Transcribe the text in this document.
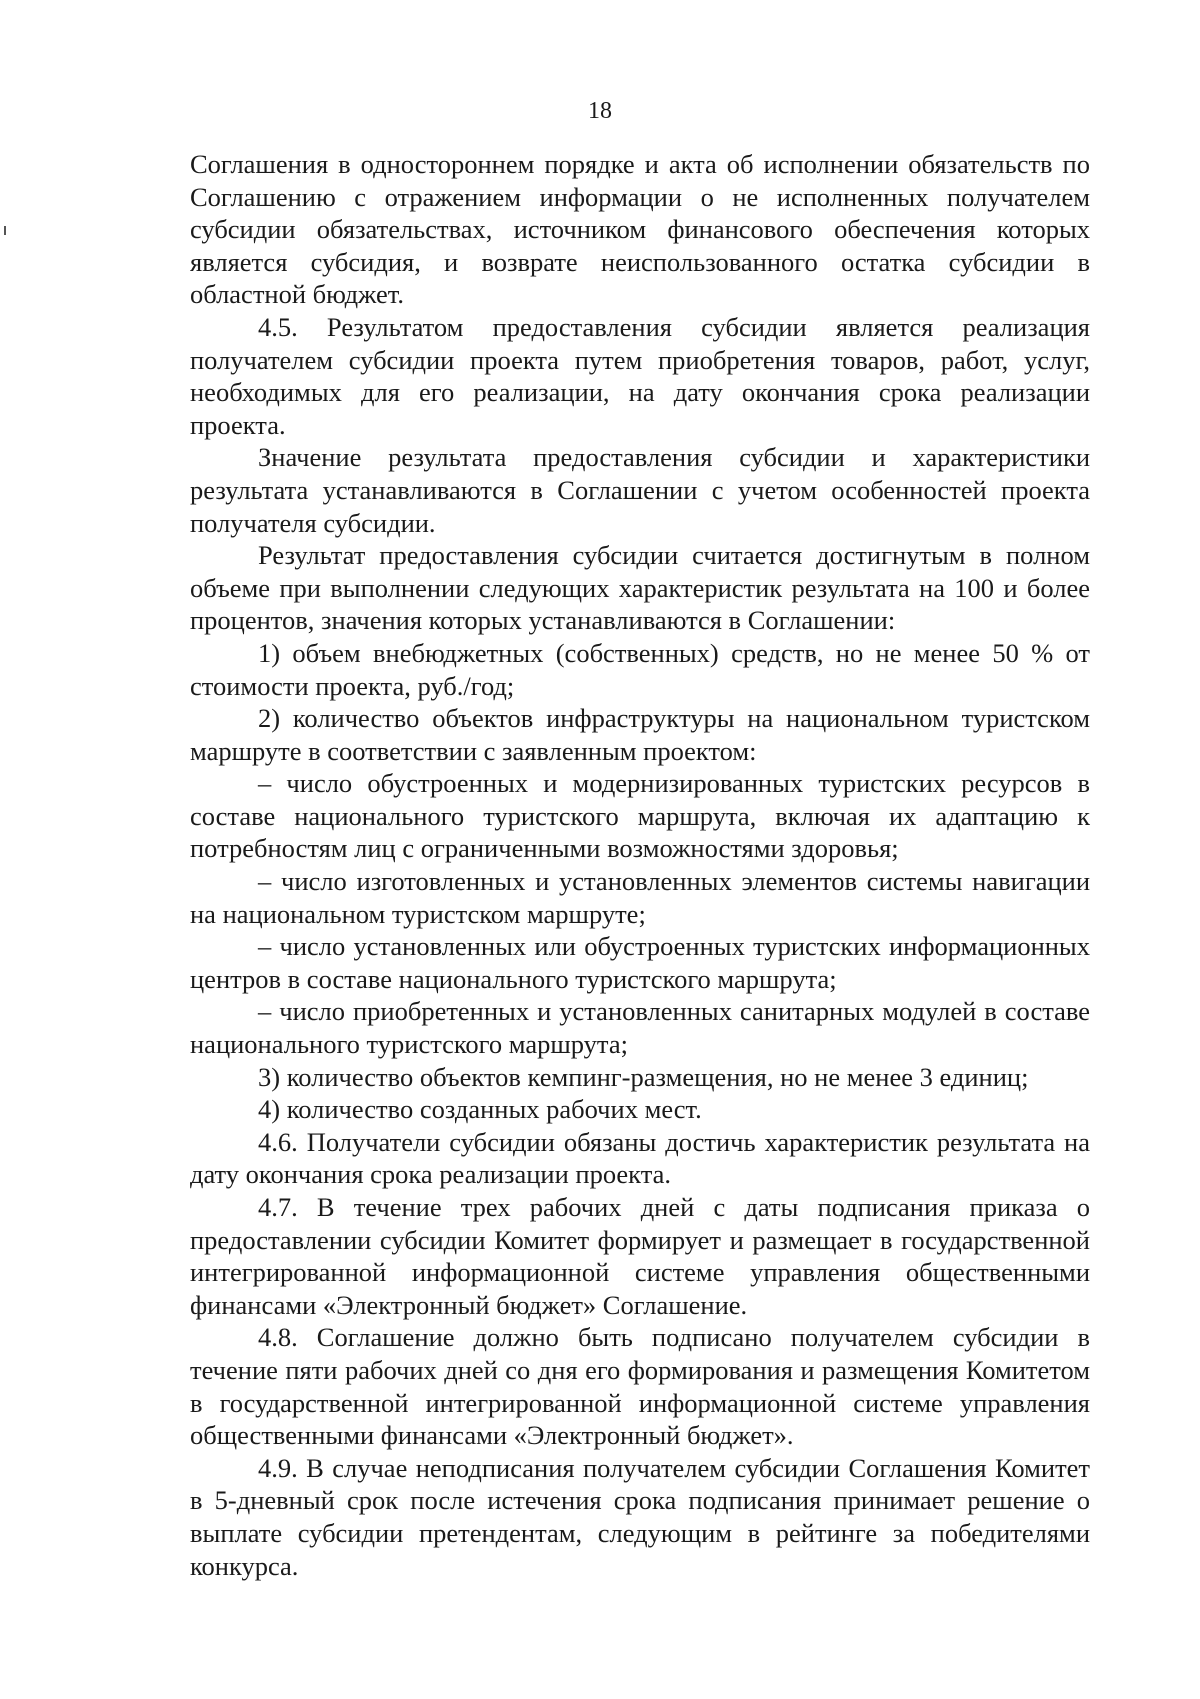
18

Соглашения в одностороннем порядке и акта об исполнении обязательств по Соглашению с отражением информации о не исполненных получателем субсидии обязательствах, источником финансового обеспечения которых является субсидия, и возврате неиспользованного остатка субсидии в областной бюджет.

4.5. Результатом предоставления субсидии является реализация получателем субсидии проекта путем приобретения товаров, работ, услуг, необходимых для его реализации, на дату окончания срока реализации проекта.

Значение результата предоставления субсидии и характеристики результата устанавливаются в Соглашении с учетом особенностей проекта получателя субсидии.

Результат предоставления субсидии считается достигнутым в полном объеме при выполнении следующих характеристик результата на 100 и более процентов, значения которых устанавливаются в Соглашении:

1) объем внебюджетных (собственных) средств, но не менее 50 % от стоимости проекта, руб./год;

2) количество объектов инфраструктуры на национальном туристском маршруте в соответствии с заявленным проектом:

– число обустроенных и модернизированных туристских ресурсов в составе национального туристского маршрута, включая их адаптацию к потребностям лиц с ограниченными возможностями здоровья;

– число изготовленных и установленных элементов системы навигации на национальном туристском маршруте;

– число установленных или обустроенных туристских информационных центров в составе национального туристского маршрута;

– число приобретенных и установленных санитарных модулей в составе национального туристского маршрута;

3) количество объектов кемпинг-размещения, но не менее 3 единиц;

4) количество созданных рабочих мест.

4.6. Получатели субсидии обязаны достичь характеристик результата на дату окончания срока реализации проекта.

4.7. В течение трех рабочих дней с даты подписания приказа о предоставлении субсидии Комитет формирует и размещает в государственной интегрированной информационной системе управления общественными финансами «Электронный бюджет» Соглашение.

4.8. Соглашение должно быть подписано получателем субсидии в течение пяти рабочих дней со дня его формирования и размещения Комитетом в государственной интегрированной информационной системе управления общественными финансами «Электронный бюджет».

4.9. В случае неподписания получателем субсидии Соглашения Комитет в 5-дневный срок после истечения срока подписания принимает решение о выплате субсидии претендентам, следующим в рейтинге за победителями конкурса.
